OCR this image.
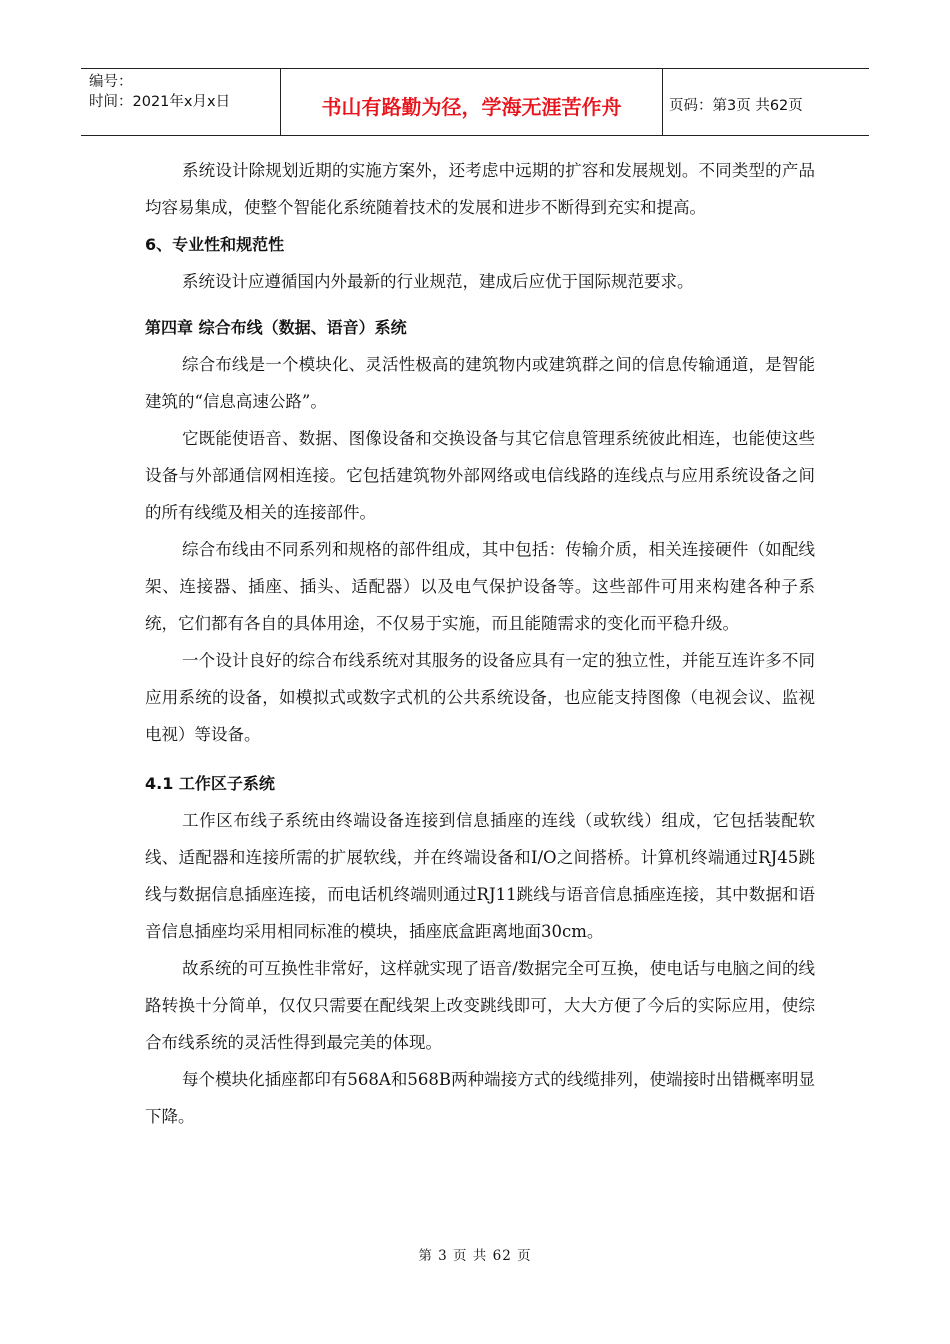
编号：
时间：2021年x月x日	书山有路勤为径，学海无涯苦作舟	页码：第3页 共62页

系统设计除规划近期的实施方案外，还考虑中远期的扩容和发展规划。不同类型的产品均容易集成，使整个智能化系统随着技术的发展和进步不断得到充实和提高。

6、专业性和规范性

系统设计应遵循国内外最新的行业规范，建成后应优于国际规范要求。

第四章 综合布线（数据、语音）系统

综合布线是一个模块化、灵活性极高的建筑物内或建筑群之间的信息传输通道，是智能建筑的“信息高速公路”。

它既能使语音、数据、图像设备和交换设备与其它信息管理系统彼此相连，也能使这些设备与外部通信网相连接。它包括建筑物外部网络或电信线路的连线点与应用系统设备之间的所有线缆及相关的连接部件。

综合布线由不同系列和规格的部件组成，其中包括：传输介质，相关连接硬件（如配线架、连接器、插座、插头、适配器）以及电气保护设备等。这些部件可用来构建各种子系统，它们都有各自的具体用途，不仅易于实施，而且能随需求的变化而平稳升级。

一个设计良好的综合布线系统对其服务的设备应具有一定的独立性，并能互连许多不同应用系统的设备，如模拟式或数字式机的公共系统设备，也应能支持图像（电视会议、监视电视）等设备。

4.1 工作区子系统

工作区布线子系统由终端设备连接到信息插座的连线（或软线）组成，它包括装配软线、适配器和连接所需的扩展软线，并在终端设备和I/O之间搭桥。计算机终端通过RJ45跳线与数据信息插座连接，而电话机终端则通过RJ11跳线与语音信息插座连接，其中数据和语音信息插座均采用相同标准的模块，插座底盒距离地面30cm。

故系统的可互换性非常好，这样就实现了语音/数据完全可互换，使电话与电脑之间的线路转换十分简单，仅仅只需要在配线架上改变跳线即可，大大方便了今后的实际应用，使综合布线系统的灵活性得到最完美的体现。

每个模块化插座都印有568A和568B两种端接方式的线缆排列，使端接时出错概率明显下降。

第 3 页 共 62 页
